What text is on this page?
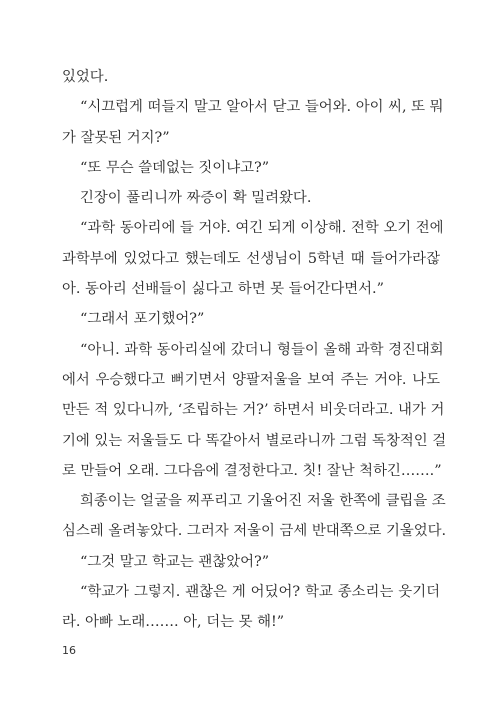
있었다.
“시끄럽게 떠들지 말고 알아서 닫고 들어와. 아이 씨, 또 뭐
가 잘못된 거지?”
“또 무슨 쓸데없는 짓이냐고?”
긴장이 풀리니까 짜증이 확 밀려왔다.
“과학 동아리에 들 거야. 여긴 되게 이상해. 전학 오기 전에
과학부에 있었다고 했는데도 선생님이 5학년 때 들어가라잖
아. 동아리 선배들이 싫다고 하면 못 들어간다면서.”
“그래서 포기했어?”
“아니. 과학 동아리실에 갔더니 형들이 올해 과학 경진대회
에서 우승했다고 뻐기면서 양팔저울을 보여 주는 거야. 나도
만든 적 있다니까, ‘조립하는 거?’ 하면서 비웃더라고. 내가 거
기에 있는 저울들도 다 똑같아서 별로라니까 그럼 독창적인 걸
로 만들어 오래. 그다음에 결정한다고. 칫! 잘난 척하긴…….”
희종이는 얼굴을 찌푸리고 기울어진 저울 한쪽에 클립을 조
심스레 올려놓았다. 그러자 저울이 금세 반대쪽으로 기울었다.
“그것 말고 학교는 괜찮았어?”
“학교가 그렇지. 괜찮은 게 어딨어? 학교 종소리는 웃기더
라. 아빠 노래……. 아, 더는 못 해!”
16
